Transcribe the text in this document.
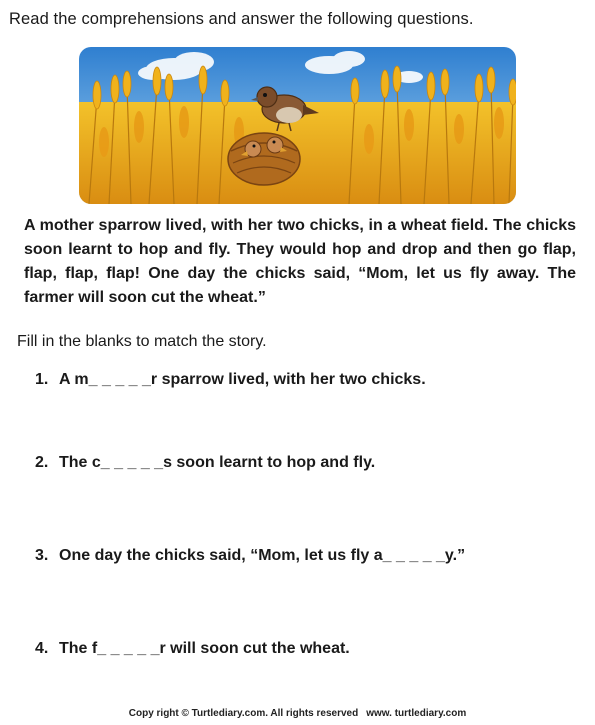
Read the comprehensions and answer the following questions.
A mother sparrow lived, with her two chicks, in a wheat field. The chicks soon learnt to hop and fly. They would hop and drop and then go flap, flap, flap, flap! One day the chicks said, “Mom, let us fly away. The farmer will soon cut the wheat.”
Fill in the blanks to match the story.
1. A m_ _ _ _ _r sparrow lived, with her two chicks.
2. The c_ _ _ _ _s soon learnt to hop and fly.
3. One day the chicks said, “Mom, let us fly a_ _ _ _ _y.”
4. The f_ _ _ _ _r will soon cut the wheat.
Copy right © Turtlediary.com. All rights reserved www. turtlediary.com
